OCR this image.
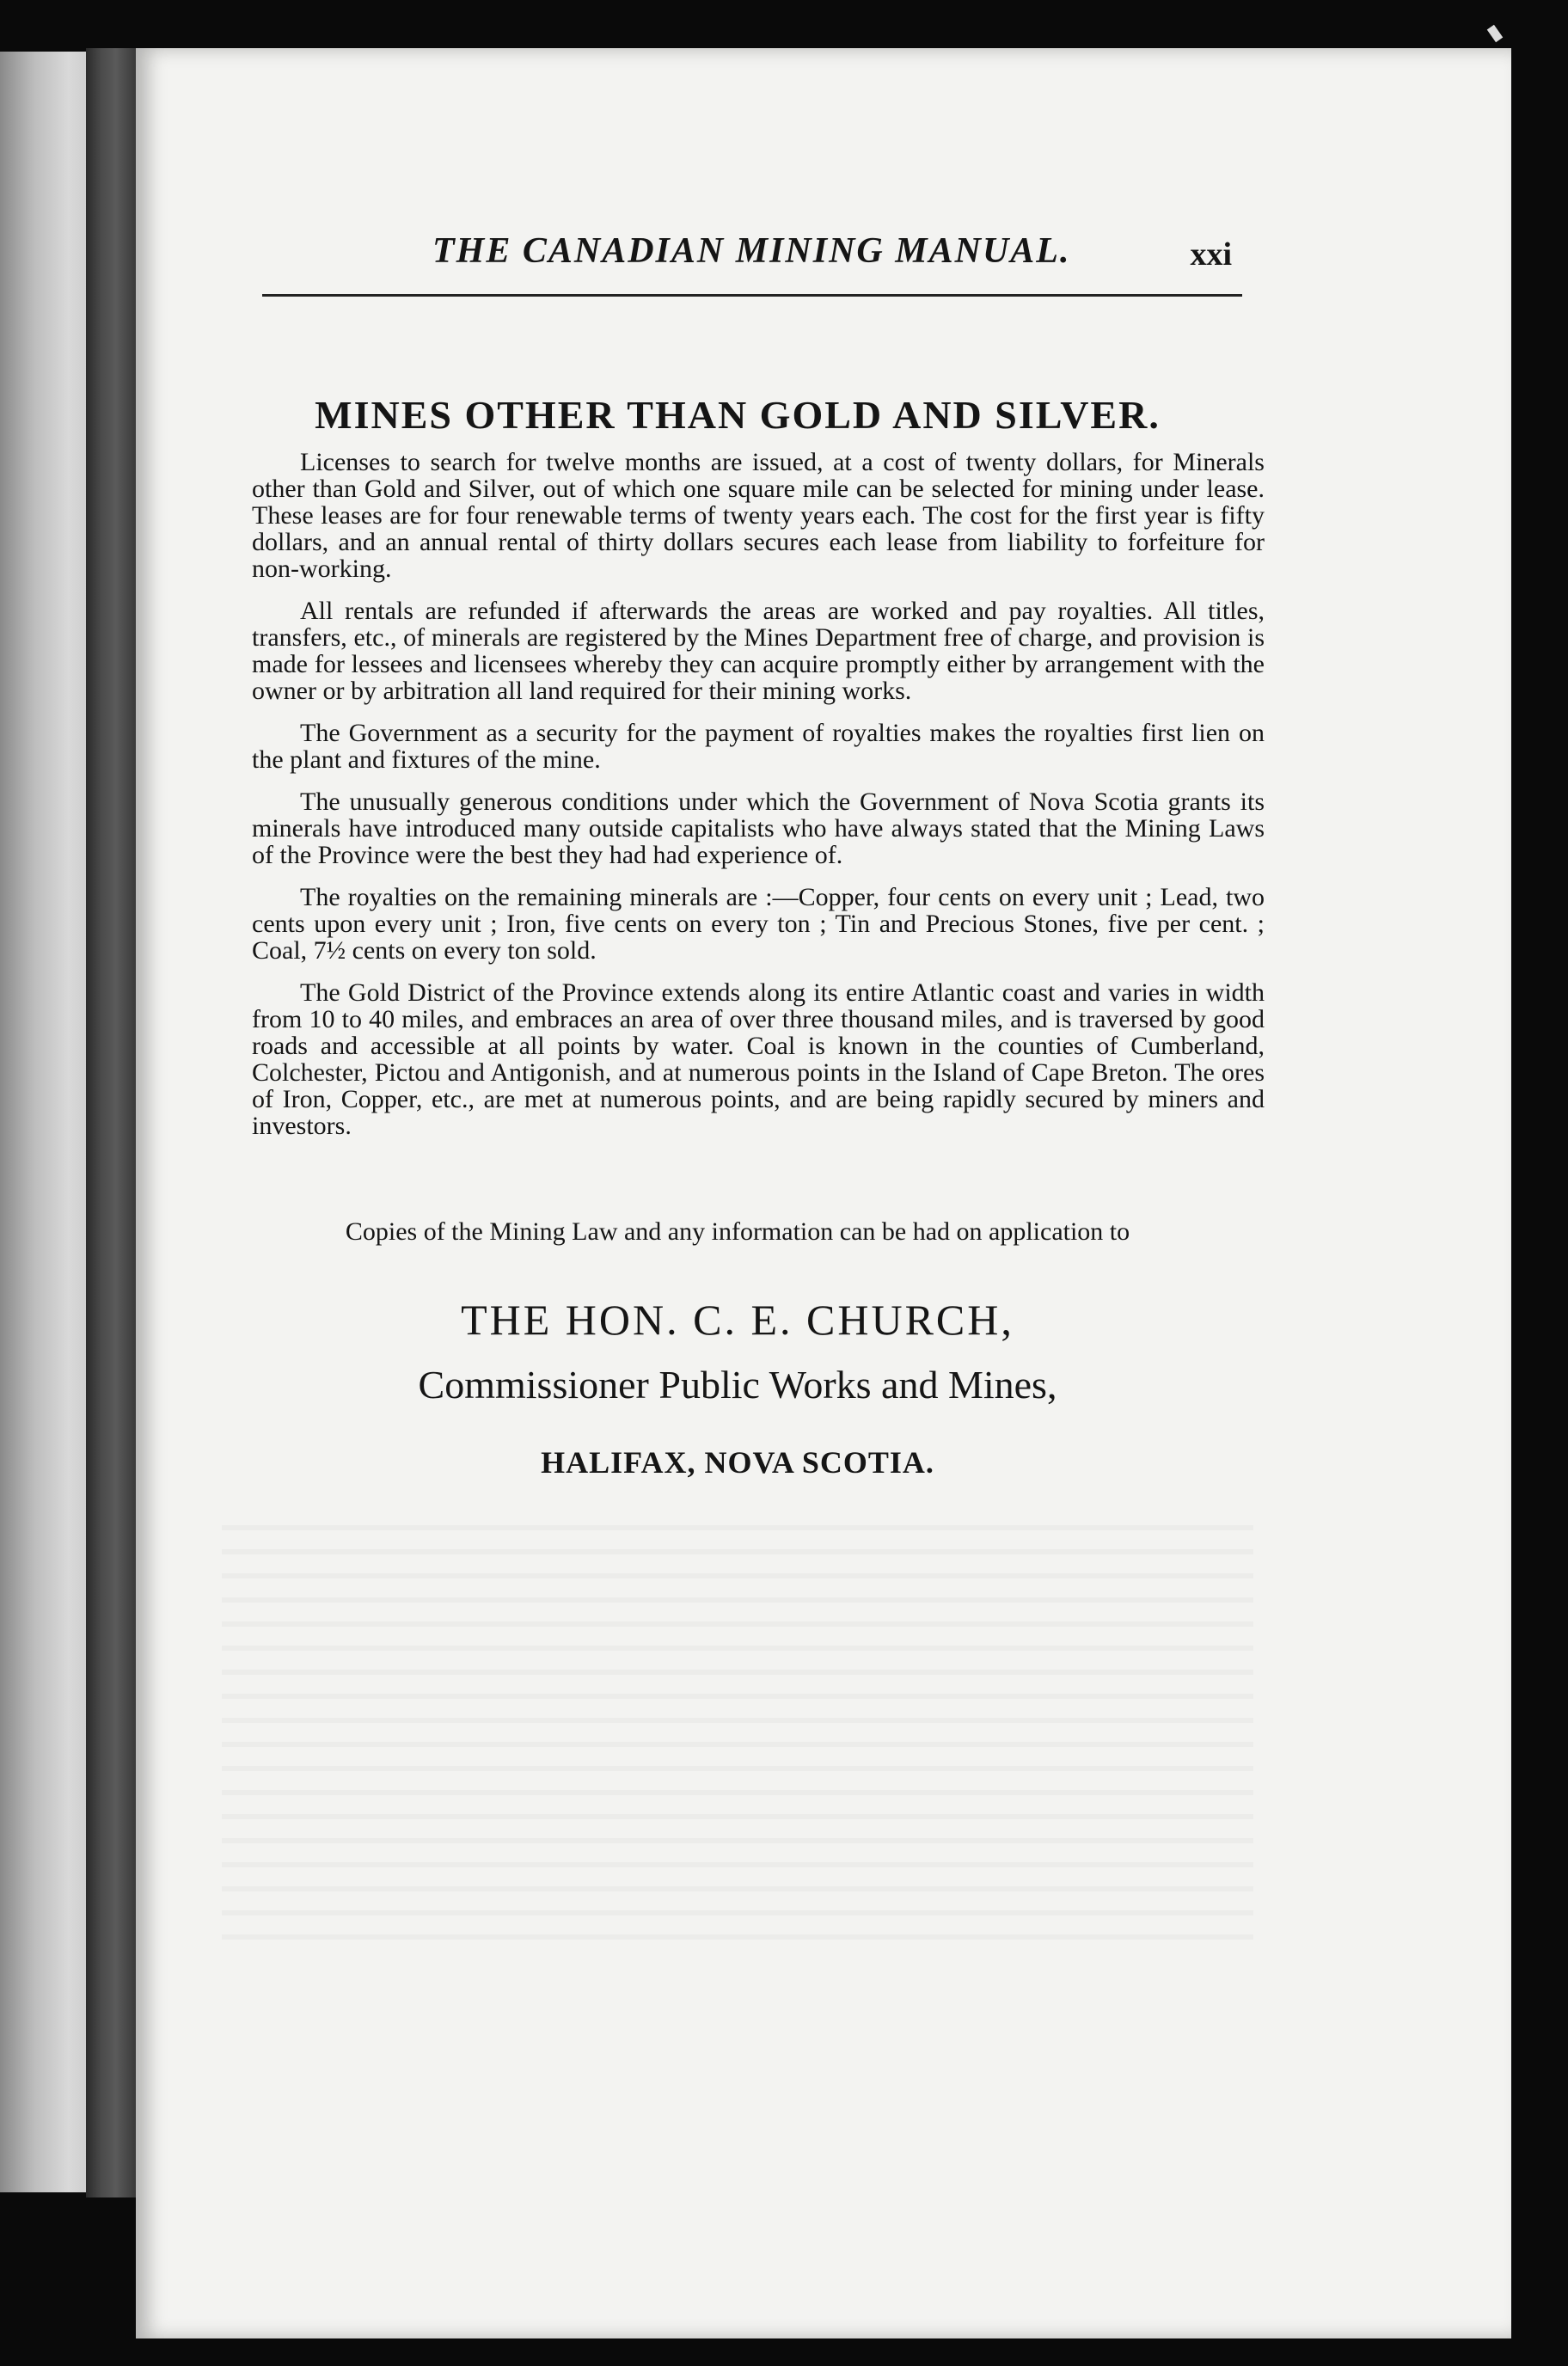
THE CANADIAN MINING MANUAL.	xxi
MINES OTHER THAN GOLD AND SILVER.

Licenses to search for twelve months are issued, at a cost of twenty dollars, for Minerals other than Gold and Silver, out of which one square mile can be selected for mining under lease. These leases are for four renewable terms of twenty years each. The cost for the first year is fifty dollars, and an annual rental of thirty dollars secures each lease from liability to forfeiture for non-working.

All rentals are refunded if afterwards the areas are worked and pay royalties. All titles, transfers, etc., of minerals are registered by the Mines Department free of charge, and provision is made for lessees and licensees whereby they can acquire promptly either by arrangement with the owner or by arbitration all land required for their mining works.

The Government as a security for the payment of royalties makes the royalties first lien on the plant and fixtures of the mine.

The unusually generous conditions under which the Government of Nova Scotia grants its minerals have introduced many outside capitalists who have always stated that the Mining Laws of the Province were the best they had had experience of.

The royalties on the remaining minerals are :—Copper, four cents on every unit ; Lead, two cents upon every unit ; Iron, five cents on every ton ; Tin and Precious Stones, five per cent. ; Coal, 7½ cents on every ton sold.

The Gold District of the Province extends along its entire Atlantic coast and varies in width from 10 to 40 miles, and embraces an area of over three thousand miles, and is traversed by good roads and accessible at all points by water. Coal is known in the counties of Cumberland, Colchester, Pictou and Antigonish, and at numerous points in the Island of Cape Breton. The ores of Iron, Copper, etc., are met at numerous points, and are being rapidly secured by miners and investors.

Copies of the Mining Law and any information can be had on application to
THE HON. C. E. CHURCH,
Commissioner Public Works and Mines,
HALIFAX, NOVA SCOTIA.
